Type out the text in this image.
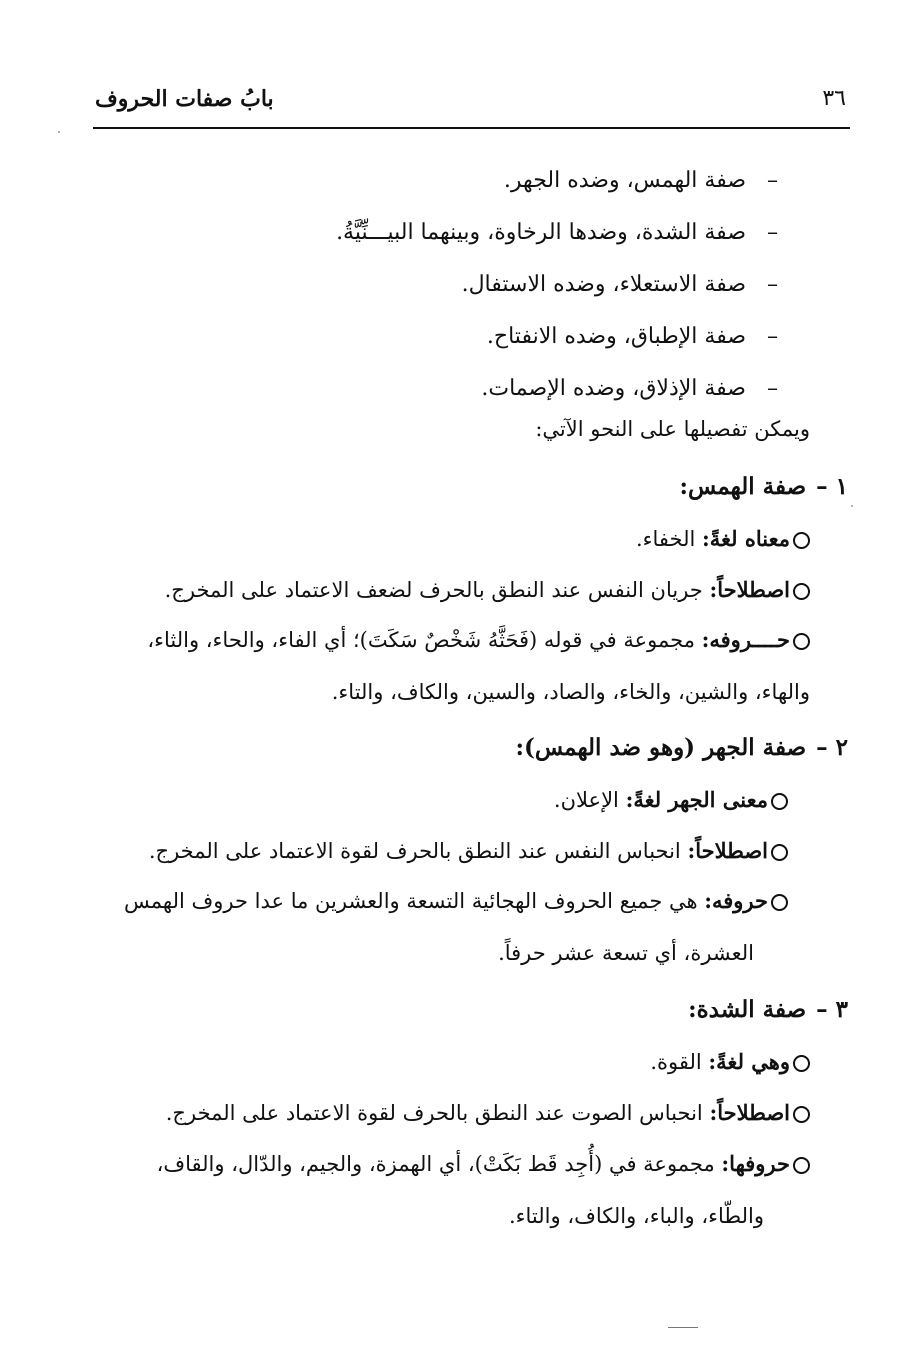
٣٦
بابُ صفات الحروف
–صفة الهمس، وضده الجهر.
–صفة الشدة، وضدها الرخاوة، وبينهما البيـــنِّيَّةُ.
–صفة الاستعلاء، وضده الاستفال.
–صفة الإطباق، وضده الانفتاح.
–صفة الإذلاق، وضده الإصمات.
ويمكن تفصيلها على النحو الآتي:
١ –صفة الهمس:
معناه لغةً: الخفاء.
اصطلاحاً: جريان النفس عند النطق بالحرف لضعف الاعتماد على المخرج.
حــــروفه: مجموعة في قوله (فَحَثَّهُ شَخْصٌ سَكَتَ)؛ أي الفاء، والحاء، والثاء،
والهاء، والشين، والخاء، والصاد، والسين، والكاف، والتاء.
٢ –صفة الجهر (وهو ضد الهمس):
معنى الجهر لغةً: الإعلان.
اصطلاحاً: انحباس النفس عند النطق بالحرف لقوة الاعتماد على المخرج.
حروفه: هي جميع الحروف الهجائية التسعة والعشرين ما عدا حروف الهمس
العشرة، أي تسعة عشر حرفاً.
٣ –صفة الشدة:
وهي لغةً: القوة.
اصطلاحاً: انحباس الصوت عند النطق بالحرف لقوة الاعتماد على المخرج.
حروفها: مجموعة في (أُجِد قَط بَكَتْ)، أي الهمزة، والجيم، والدّال، والقاف،
والطّاء، والباء، والكاف، والتاء.
